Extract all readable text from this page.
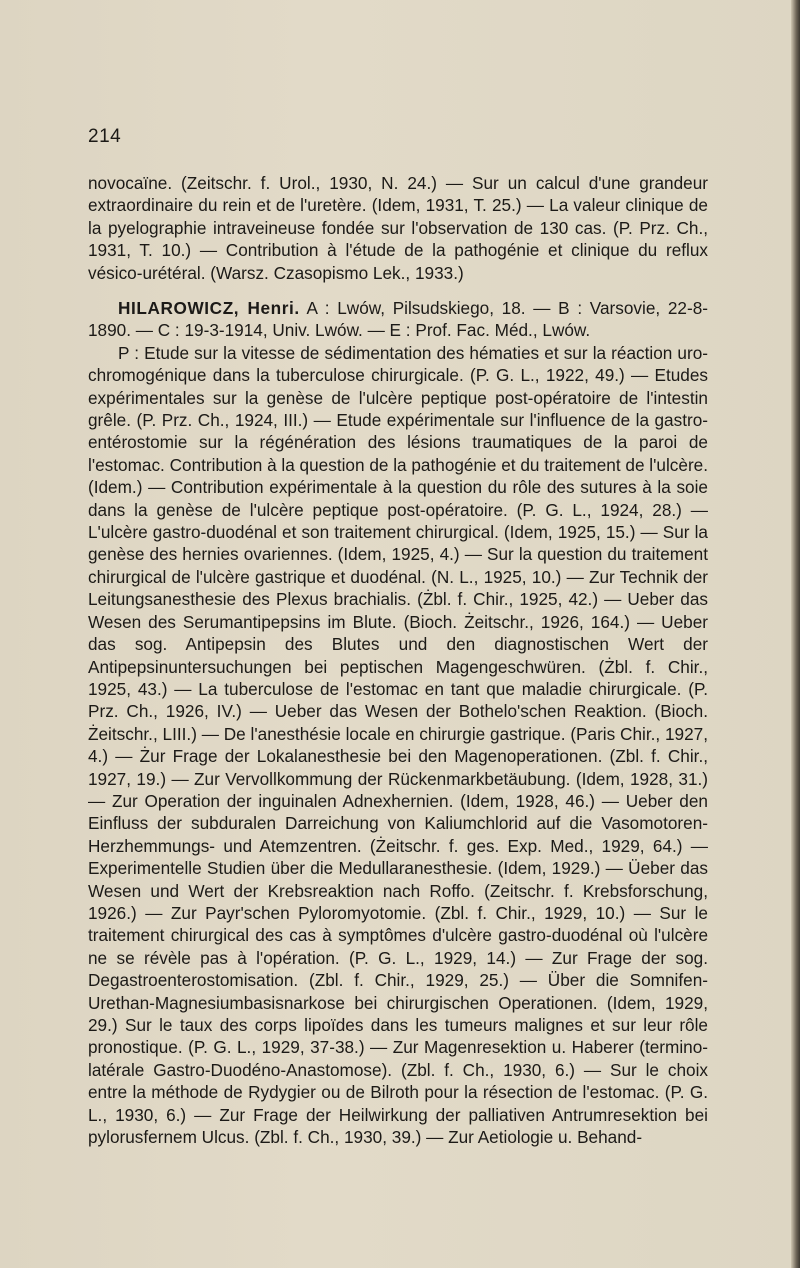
214

novocaïne. (Zeitschr. f. Urol., 1930, N. 24.) — Sur un calcul d'une grandeur extraordinaire du rein et de l'uretère. (Idem, 1931, T. 25.) — La valeur clinique de la pyelographie intraveineuse fondée sur l'observation de 130 cas. (P. Prz. Ch., 1931, T. 10.) — Contribution à l'étude de la pathogénie et clinique du reflux vésico-urétéral. (Warsz. Czasopismo Lek., 1933.)

HILAROWICZ, Henri. A : Lwów, Pilsudskiego, 18. — B : Varsovie, 22-8-1890. — C : 19-3-1914, Univ. Lwów. — E : Prof. Fac. Méd., Lwów.

P : Etude sur la vitesse de sédimentation des hématies et sur la réaction uro-chromogénique dans la tuberculose chirurgicale. (P. G. L., 1922, 49.) — Etudes expérimentales sur la genèse de l'ulcère peptique post-opératoire de l'intestin grêle. (P. Prz. Ch., 1924, III.) — Etude expérimentale sur l'influence de la gastro-entérostomie sur la régénération des lésions traumatiques de la paroi de l'estomac. Contribution à la question de la pathogénie et du traitement de l'ulcère. (Idem.) — Contribution expérimentale à la question du rôle des sutures à la soie dans la genèse de l'ulcère peptique post-opératoire. (P. G. L., 1924, 28.) — L'ulcère gastro-duodénal et son traitement chirurgical. (Idem, 1925, 15.) — Sur la genèse des hernies ovariennes. (Idem, 1925, 4.) — Sur la question du traitement chirurgical de l'ulcère gastrique et duodénal. (N. L., 1925, 10.) — Zur Technik der Leitungsanesthesie des Plexus brachialis. (Żbl. f. Chir., 1925, 42.) — Ueber das Wesen des Serumantipepsins im Blute. (Bioch. Żeitschr., 1926, 164.) — Ueber das sog. Antipepsin des Blutes und den diagnostischen Wert der Antipepsinuntersuchungen bei peptischen Magengeschwüren. (Żbl. f. Chir., 1925, 43.) — La tuberculose de l'estomac en tant que maladie chirurgicale. (P. Prz. Ch., 1926, IV.) — Ueber das Wesen der Bothelo'schen Reaktion. (Bioch. Żeitschr., LIII.) — De l'anesthésie locale en chirurgie gastrique. (Paris Chir., 1927, 4.) — Żur Frage der Lokalanesthesie bei den Magenoperationen. (Zbl. f. Chir., 1927, 19.) — Zur Vervollkommung der Rückenmarkbetäubung. (Idem, 1928, 31.) — Zur Operation der inguinalen Adnexhernien. (Idem, 1928, 46.) — Ueber den Einfluss der subduralen Darreichung von Kaliumchlorid auf die Vasomotoren-Herzhemmungs- und Atemzentren. (Żeitschr. f. ges. Exp. Med., 1929, 64.) — Experimentelle Studien über die Medullaranesthesie. (Idem, 1929.) — Üeber das Wesen und Wert der Krebsreaktion nach Roffo. (Zeitschr. f. Krebsforschung, 1926.) — Zur Payr'schen Pyloromyotomie. (Zbl. f. Chir., 1929, 10.) — Sur le traitement chirurgical des cas à symptômes d'ulcère gastro-duodénal où l'ulcère ne se révèle pas à l'opération. (P. G. L., 1929, 14.) — Zur Frage der sog. Degastroenterostomisation. (Zbl. f. Chir., 1929, 25.) — Über die Somnifen-Urethan-Magnesiumbasisnarkose bei chirurgischen Operationen. (Idem, 1929, 29.) Sur le taux des corps lipoïdes dans les tumeurs malignes et sur leur rôle pronostique. (P. G. L., 1929, 37-38.) — Zur Magenresektion u. Haberer (termino-latérale Gastro-Duodéno-Anastomose). (Zbl. f. Ch., 1930, 6.) — Sur le choix entre la méthode de Rydygier ou de Bilroth pour la résection de l'estomac. (P. G. L., 1930, 6.) — Zur Frage der Heilwirkung der palliativen Antrumresektion bei pylorusfernem Ulcus. (Zbl. f. Ch., 1930, 39.) — Zur Aetiologie u. Behand-
